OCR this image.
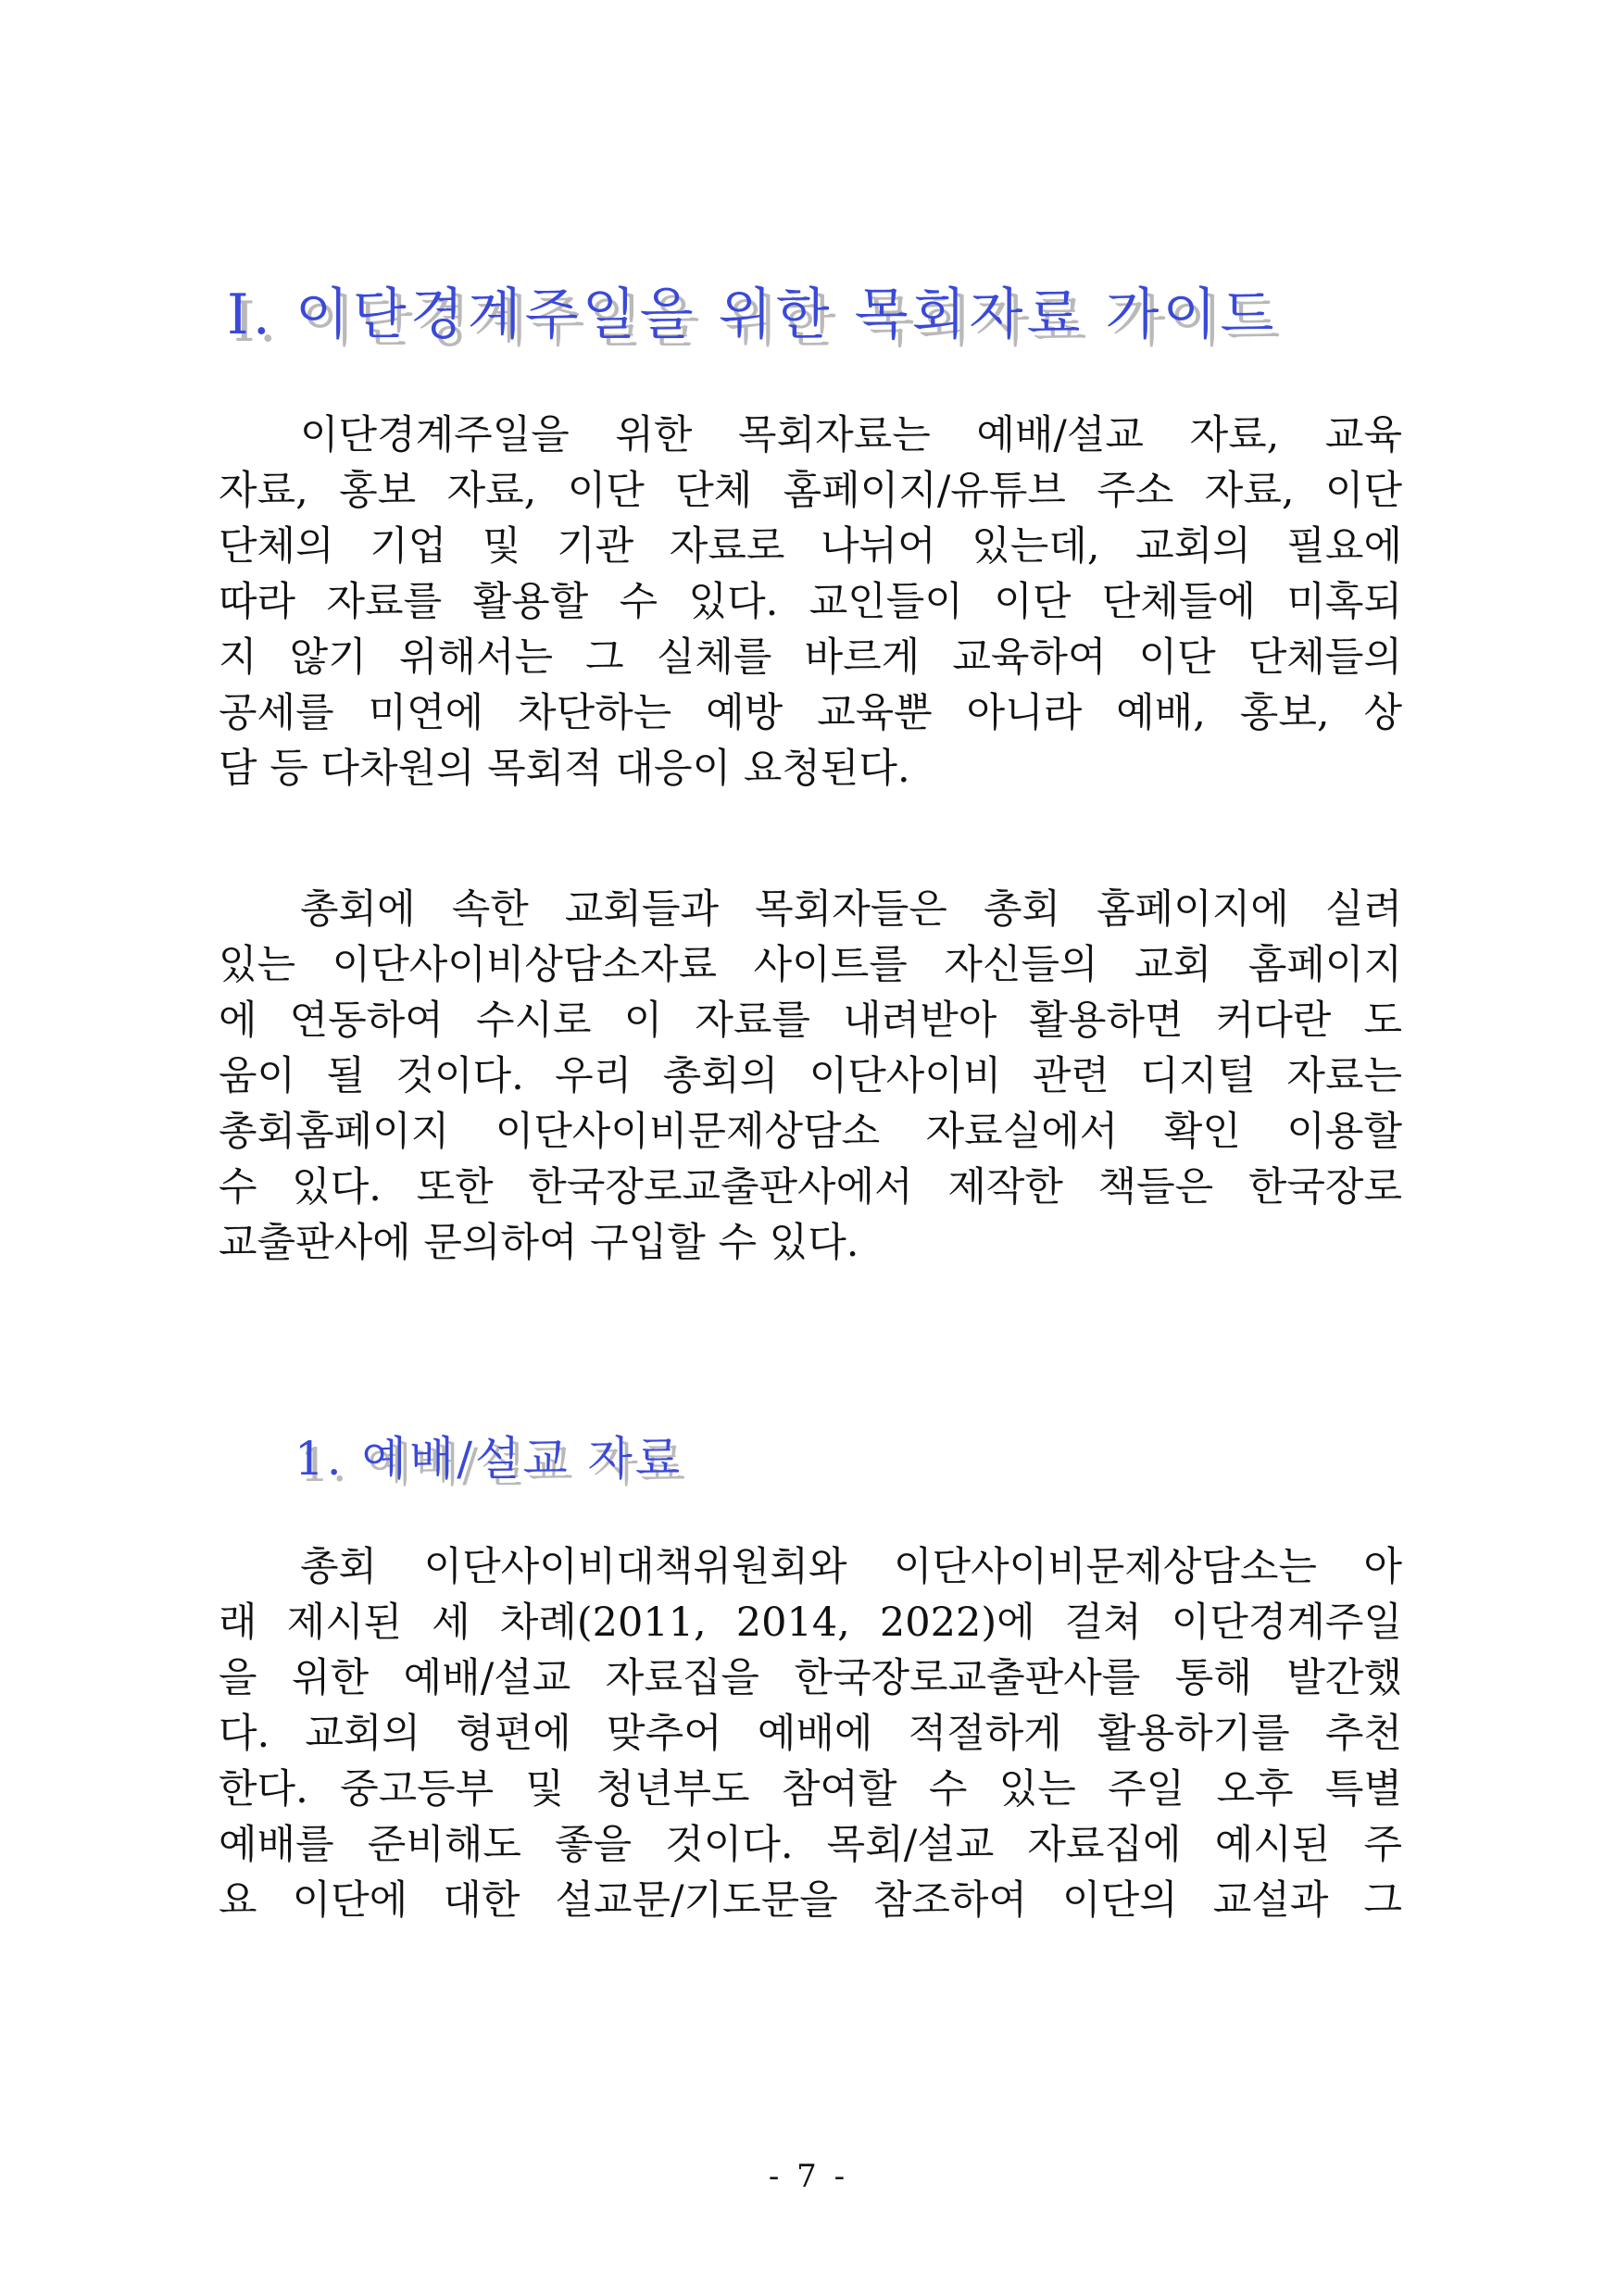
Ⅰ. 이단경계주일을 위한 목회자료 가이드
이단경계주일을 위한 목회자료는 예배/설교 자료, 교육
자료, 홍보 자료, 이단 단체 홈페이지/유튜브 주소 자료, 이단
단체의 기업 및 기관 자료로 나뉘어 있는데, 교회의 필요에
따라 자료를 활용할 수 있다. 교인들이 이단 단체들에 미혹되
지 않기 위해서는 그 실체를 바르게 교육하여 이단 단체들의
공세를 미연에 차단하는 예방 교육뿐 아니라 예배, 홍보, 상
담 등 다차원의 목회적 대응이 요청된다.
총회에 속한 교회들과 목회자들은 총회 홈페이지에 실려
있는 이단사이비상담소자료 사이트를 자신들의 교회 홈페이지
에 연동하여 수시로 이 자료를 내려받아 활용하면 커다란 도
움이 될 것이다. 우리 총회의 이단사이비 관련 디지털 자료는
총회홈페이지 이단사이비문제상담소 자료실에서 확인 이용할
수 있다. 또한 한국장로교출판사에서 제작한 책들은 한국장로
교출판사에 문의하여 구입할 수 있다.
1. 예배/설교 자료
총회 이단사이비대책위원회와 이단사이비문제상담소는 아
래 제시된 세 차례(2011, 2014, 2022)에 걸쳐 이단경계주일
을 위한 예배/설교 자료집을 한국장로교출판사를 통해 발간했
다. 교회의 형편에 맞추어 예배에 적절하게 활용하기를 추천
한다. 중고등부 및 청년부도 참여할 수 있는 주일 오후 특별
예배를 준비해도 좋을 것이다. 목회/설교 자료집에 예시된 주
요 이단에 대한 설교문/기도문을 참조하여 이단의 교설과 그
- 7 -
